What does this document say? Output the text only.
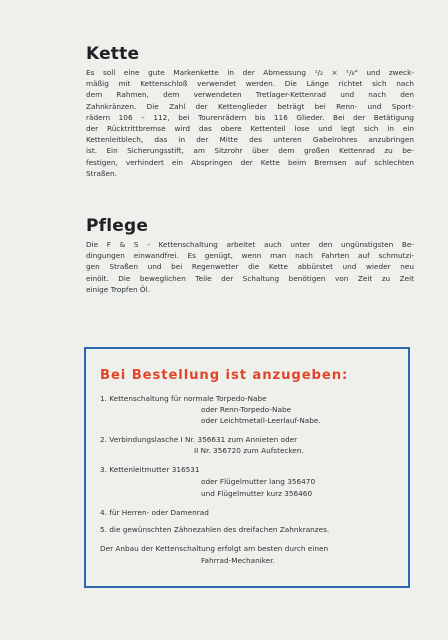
Kette
Es soll eine gute Markenkette in der Abmessung ¹/₂ × ¹/₈" und zweck-
mäßig mit Kettenschloß verwendet werden. Die Länge richtet sich nach
dem Rahmen, dem verwendeten Tretlager-Kettenrad und nach den
Zahnkränzen. Die Zahl der Kettenglieder beträgt bei Renn- und Sport-
rädern 106 – 112, bei Tourenrädern bis 116 Glieder. Bei der Betätigung
der Rücktrittbremse wird das obere Kettenteil lose und legt sich in ein
Kettenleitblech, das in der Mitte des unteren Gabelrohres anzubringen
ist. Ein Sicherungsstift, am Sitzrohr über dem großen Kettenrad zu be-
festigen, verhindert ein Abspringen der Kette beim Bremsen auf schlechten
Straßen.
Pflege
Die F & S - Kettenschaltung arbeitet auch unter den ungünstigsten Be-
dingungen einwandfrei. Es genügt, wenn man nach Fahrten auf schmutzi-
gen Straßen und bei Regenwetter die Kette abbürstet und wieder neu
einölt. Die beweglichen Teile der Schaltung benötigen von Zeit zu Zeit
einige Tropfen Öl.
Bei Bestellung ist anzugeben:
1. Kettenschaltung für normale Torpedo-Nabe
oder Renn-Torpedo-Nabe
oder Leichtmetall-Leerlauf-Nabe.
2. Verbindungslasche I Nr. 356631 zum Annieten oder
II Nr. 356720 zum Aufstecken.
3. Kettenleitmutter 316531
oder Flügelmutter lang 356470
und Flügelmutter kurz 356460
4. für Herren- oder Damenrad
5. die gewünschten Zähnezahlen des dreifachen Zahnkranzes.
Der Anbau der Kettenschaltung erfolgt am besten durch einen
Fahrrad-Mechaniker.
